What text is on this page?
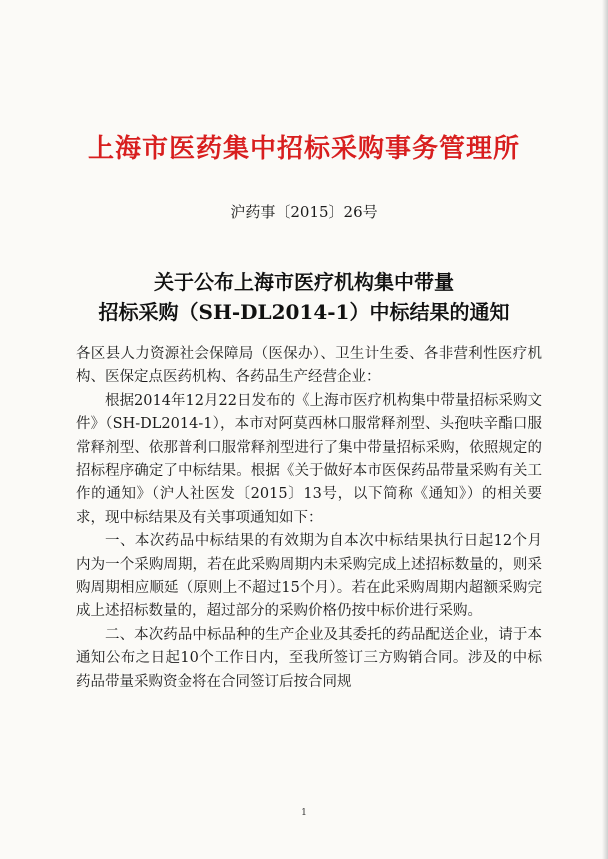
上海市医药集中招标采购事务管理所
沪药事〔2015〕26号
关于公布上海市医疗机构集中带量
招标采购（SH-DL2014-1）中标结果的通知

各区县人力资源社会保障局（医保办）、卫生计生委、各非营利性医疗机构、医保定点医药机构、各药品生产经营企业：

根据2014年12月22日发布的《上海市医疗机构集中带量招标采购文件》（SH-DL2014-1），本市对阿莫西林口服常释剂型、头孢呋辛酯口服常释剂型、依那普利口服常释剂型进行了集中带量招标采购，依照规定的招标程序确定了中标结果。根据《关于做好本市医保药品带量采购有关工作的通知》（沪人社医发〔2015〕13号，以下简称《通知》）的相关要求，现中标结果及有关事项通知如下：

一、本次药品中标结果的有效期为自本次中标结果执行日起12个月内为一个采购周期，若在此采购周期内未采购完成上述招标数量的，则采购周期相应顺延（原则上不超过15个月）。若在此采购周期内超额采购完成上述招标数量的，超过部分的采购价格仍按中标价进行采购。

二、本次药品中标品种的生产企业及其委托的药品配送企业，请于本通知公布之日起10个工作日内，至我所签订三方购销合同。涉及的中标药品带量采购资金将在合同签订后按合同规

1
